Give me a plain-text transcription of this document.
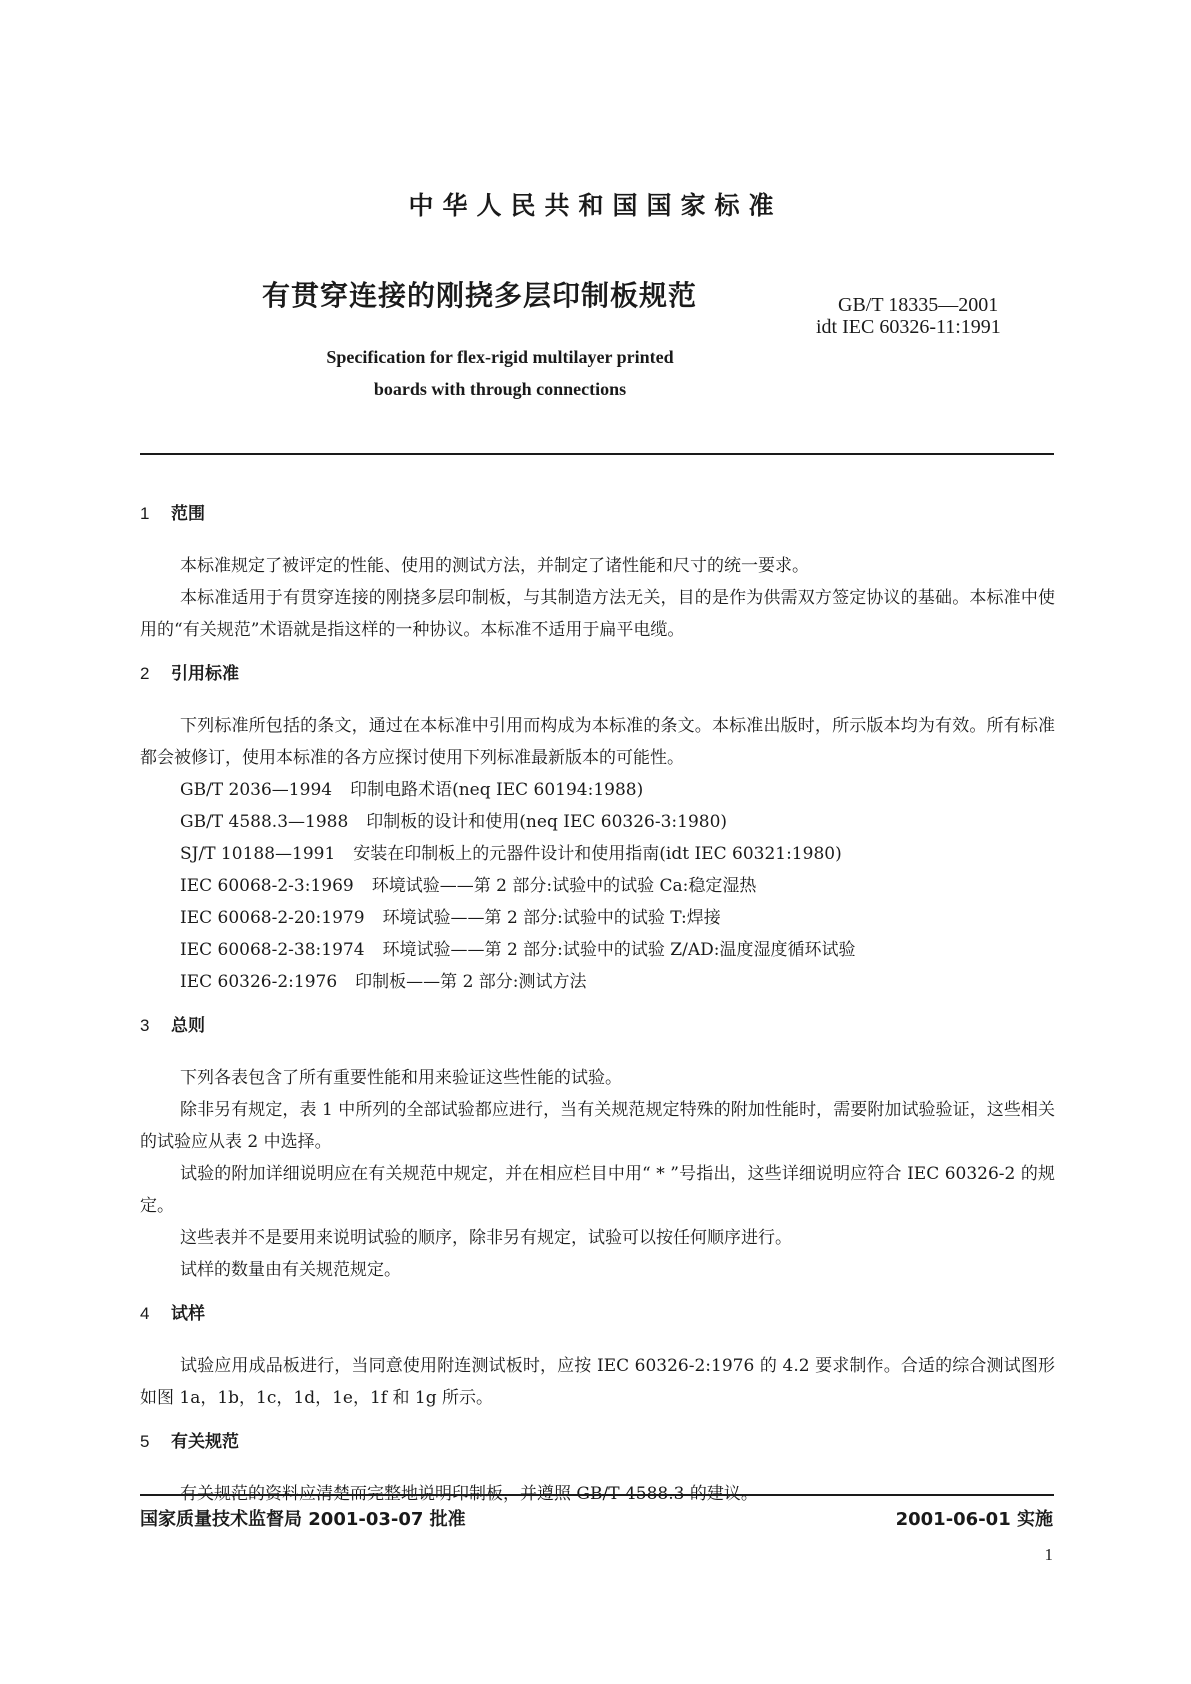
中华人民共和国国家标准
有贯穿连接的刚挠多层印制板规范	GB/T 18335—2001
idt IEC 60326-11:1991
Specification for flex-rigid multilayer printed
boards with through connections
1 范围

本标准规定了被评定的性能、使用的测试方法，并制定了诸性能和尺寸的统一要求。

本标准适用于有贯穿连接的刚挠多层印制板，与其制造方法无关，目的是作为供需双方签定协议的基础。本标准中使用的“有关规范”术语就是指这样的一种协议。本标准不适用于扁平电缆。

2 引用标准

下列标准所包括的条文，通过在本标准中引用而构成为本标准的条文。本标准出版时，所示版本均为有效。所有标准都会被修订，使用本标准的各方应探讨使用下列标准最新版本的可能性。

GB/T 2036—1994 印制电路术语(neq IEC 60194:1988)
GB/T 4588.3—1988 印制板的设计和使用(neq IEC 60326-3:1980)
SJ/T 10188—1991 安装在印制板上的元器件设计和使用指南(idt IEC 60321:1980)
IEC 60068-2-3:1969 环境试验——第 2 部分:试验中的试验 Ca:稳定湿热
IEC 60068-2-20:1979 环境试验——第 2 部分:试验中的试验 T:焊接
IEC 60068-2-38:1974 环境试验——第 2 部分:试验中的试验 Z/AD:温度湿度循环试验
IEC 60326-2:1976 印制板——第 2 部分:测试方法
3 总则

下列各表包含了所有重要性能和用来验证这些性能的试验。

除非另有规定，表 1 中所列的全部试验都应进行，当有关规范规定特殊的附加性能时，需要附加试验验证，这些相关的试验应从表 2 中选择。

试验的附加详细说明应在有关规范中规定，并在相应栏目中用“ * ”号指出，这些详细说明应符合 IEC 60326-2 的规定。

这些表并不是要用来说明试验的顺序，除非另有规定，试验可以按任何顺序进行。

试样的数量由有关规范规定。

4 试样

试验应用成品板进行，当同意使用附连测试板时，应按 IEC 60326-2:1976 的 4.2 要求制作。合适的综合测试图形如图 1a，1b，1c，1d，1e，1f 和 1g 所示。

5 有关规范

有关规范的资料应清楚而完整地说明印制板，并遵照 GB/T 4588.3 的建议。

国家质量技术监督局 2001-03-07 批准	2001-06-01 实施
1
